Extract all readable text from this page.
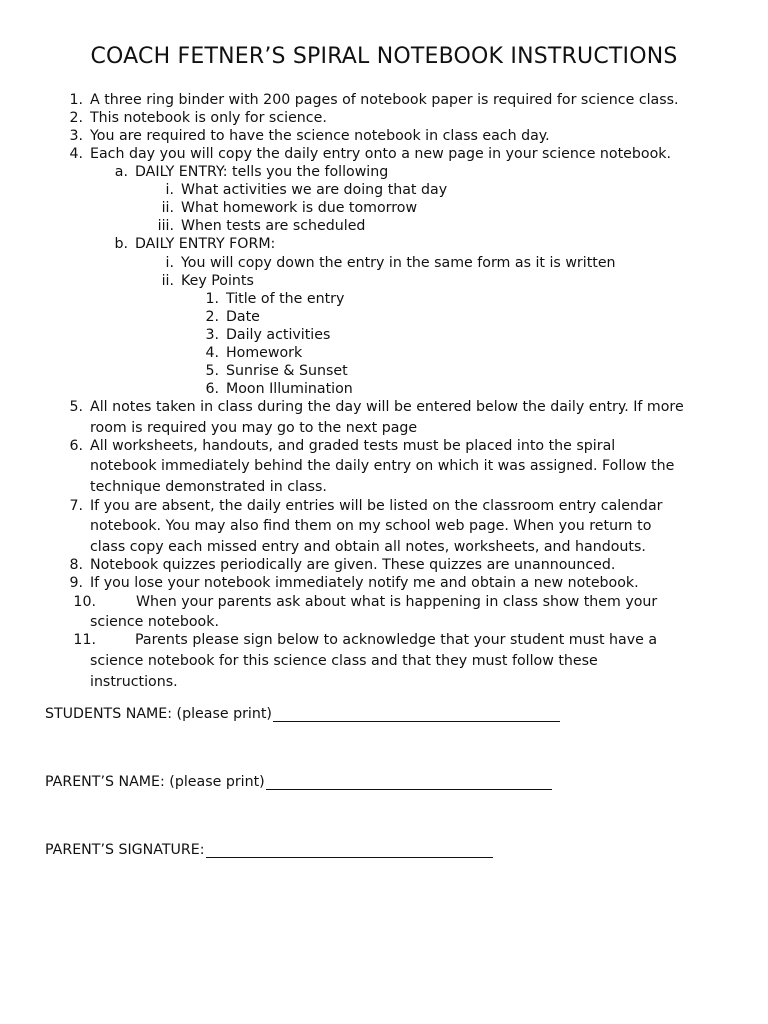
COACH FETNER’S SPIRAL NOTEBOOK INSTRUCTIONS
1. A three ring binder with 200 pages of notebook paper is required for science class.
2. This notebook is only for science.
3. You are required to have the science notebook in class each day.
4. Each day you will copy the daily entry onto a new page in your science notebook.
a. DAILY ENTRY: tells you the following
i. What activities we are doing that day
ii. What homework is due tomorrow
iii. When tests are scheduled
b. DAILY ENTRY FORM:
i. You will copy down the entry in the same form as it is written
ii. Key Points
1. Title of the entry
2. Date
3. Daily activities
4. Homework
5. Sunrise & Sunset
6. Moon Illumination
5. All notes taken in class during the day will be entered below the daily entry. If more
room is required you may go to the next page
6. All worksheets, handouts, and graded tests must be placed into the spiral
notebook immediately behind the daily entry on which it was assigned. Follow the
technique demonstrated in class.
7. If you are absent, the daily entries will be listed on the classroom entry calendar
notebook. You may also find them on my school web page. When you return to
class copy each missed entry and obtain all notes, worksheets, and handouts.
8. Notebook quizzes periodically are given. These quizzes are unannounced.
9. If you lose your notebook immediately notify me and obtain a new notebook.
10.	When your parents ask about what is happening in class show them your
science notebook.
11.	Parents please sign below to acknowledge that your student must have a
science notebook for this science class and that they must follow these
instructions.
STUDENTS NAME: (please print)
PARENT’S NAME: (please print)
PARENT’S SIGNATURE:
